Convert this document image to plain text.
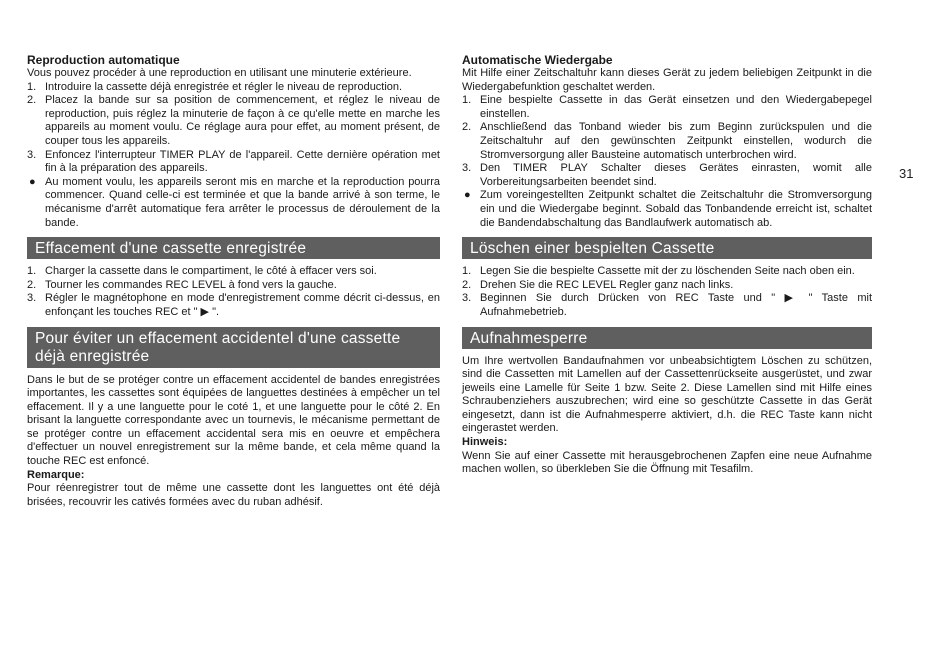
Reproduction automatique

Vous pouvez procéder à une reproduction en utilisant une minuterie extérieure.

1. Introduire la cassette déjà enregistrée et régler le niveau de reproduction.
2. Placez la bande sur sa position de commencement, et réglez le niveau de reproduction, puis réglez la minuterie de façon à ce qu'elle mette en marche les appareils au moment voulu. Ce réglage aura pour effet, au moment présent, de couper tous les appareils.
3. Enfoncez l'interrupteur TIMER PLAY de l'appareil. Cette dernière opération met fin à la préparation des appareils.
● Au moment voulu, les appareils seront mis en marche et la reproduction pourra commencer. Quand celle-ci est terminée et que la bande arrivé à son terme, le mécanisme d'arrêt automatique fera arrêter le processus de déroulement de la bande.
Effacement d'une cassette enregistrée
1. Charger la cassette dans le compartiment, le côté à effacer vers soi.
2. Tourner les commandes REC LEVEL à fond vers la gauche.
3. Régler le magnétophone en mode d'enregistrement comme décrit ci-dessus, en enfonçant les touches REC et " ▶ ".
Pour éviter un effacement accidentel d'une cassette déjà enregistrée

Dans le but de se protéger contre un effacement accidentel de bandes enregistrées importantes, les cassettes sont équipées de languettes destinées à empêcher un tel effacement. Il y a une languette pour le coté 1, et une languette pour le côté 2. En brisant la languette correspondante avec un tournevis, le mécanisme permettant de se protéger contre un effacement accidental sera mis en oeuvre et empêchera d'effectuer un nouvel enregistrement sur la même bande, et cela même quand la touche REC est enfoncé.

Remarque:

Pour réenregistrer tout de même une cassette dont les languettes ont été déjà brisées, recouvrir les cativés formées avec du ruban adhésif.

Automatische Wiedergabe

Mit Hilfe einer Zeitschaltuhr kann dieses Gerät zu jedem beliebigen Zeitpunkt in die Wiedergabefunktion geschaltet werden.

1. Eine bespielte Cassette in das Gerät einsetzen und den Wiedergabepegel einstellen.
2. Anschließend das Tonband wieder bis zum Beginn zurückspulen und die Zeitschaltuhr auf den gewünschten Zeitpunkt einstellen, wodurch die Stromversorgung aller Bausteine automatisch unterbrochen wird.
3. Den TIMER PLAY Schalter dieses Gerätes einrasten, womit alle Vorbereitungsarbeiten beendet sind.
● Zum voreingestellten Zeitpunkt schaltet die Zeitschaltuhr die Stromversorgung ein und die Wiedergabe beginnt. Sobald das Tonbandende erreicht ist, schaltet die Bandendabschaltung das Bandlaufwerk automatisch ab.
Löschen einer bespielten Cassette
1. Legen Sie die bespielte Cassette mit der zu löschenden Seite nach oben ein.
2. Drehen Sie die REC LEVEL Regler ganz nach links.
3. Beginnen Sie durch Drücken von REC Taste und " ▶ " Taste mit Aufnahmebetrieb.
Aufnahmesperre

Um Ihre wertvollen Bandaufnahmen vor unbeabsichtigtem Löschen zu schützen, sind die Cassetten mit Lamellen auf der Cassettenrückseite ausgerüstet, und zwar jeweils eine Lamelle für Seite 1 bzw. Seite 2. Diese Lamellen sind mit Hilfe eines Schraubenziehers auszubrechen; wird eine so geschützte Cassette in das Gerät eingesetzt, dann ist die Aufnahmesperre aktiviert, d.h. die REC Taste kann nicht eingerastet werden.

Hinweis:

Wenn Sie auf einer Cassette mit herausgebrochenen Zapfen eine neue Aufnahme machen wollen, so überkleben Sie die Öffnung mit Tesafilm.

31
